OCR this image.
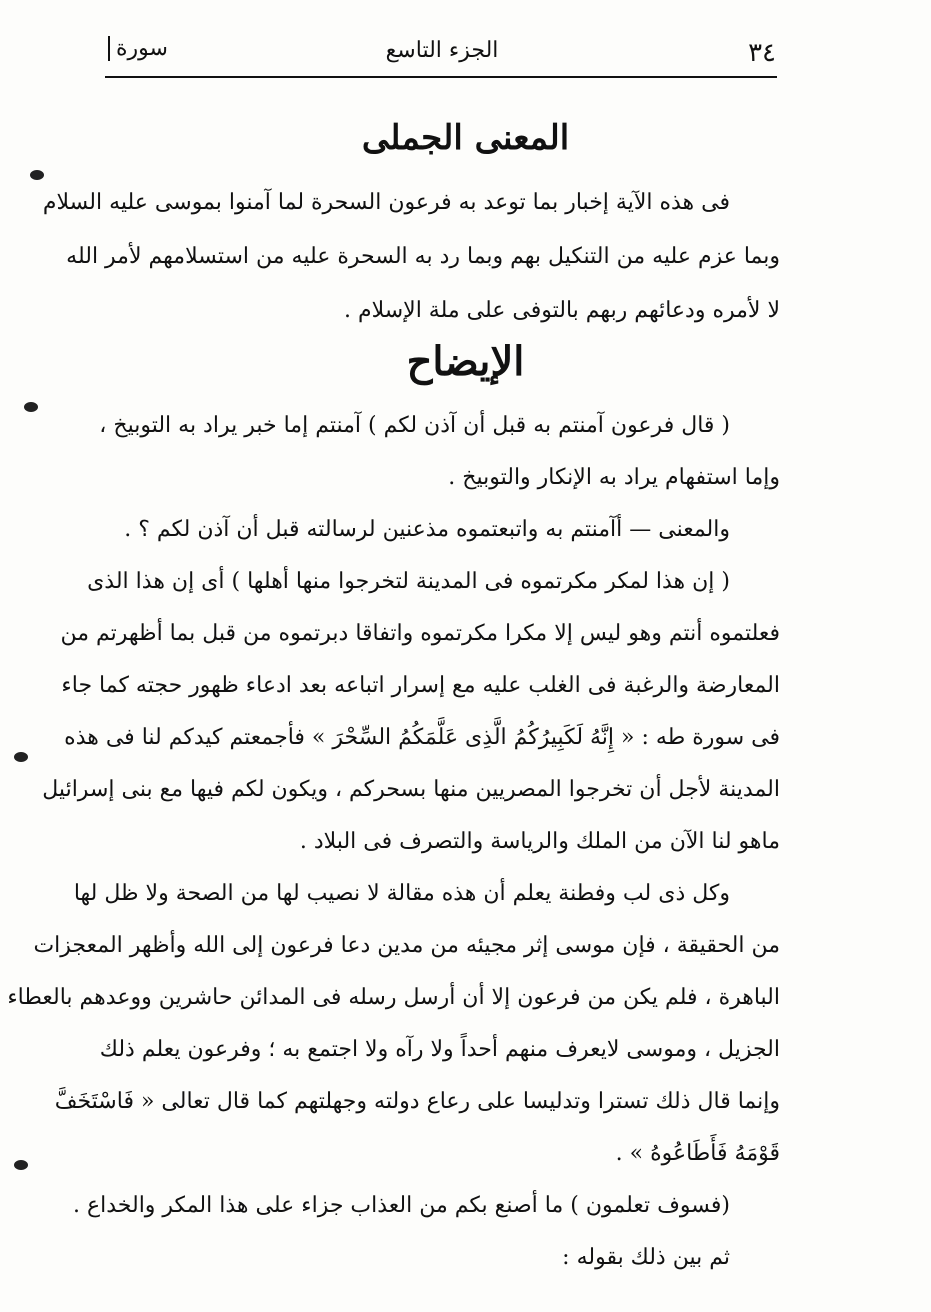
٣٤
الجزء التاسع
سورة
المعنى الجملى
فى هذه الآية إخبار بما توعد به فرعون السحرة لما آمنوا بموسى عليه السلام
وبما عزم عليه من التنكيل بهم وبما رد به السحرة عليه من استسلامهم لأمر الله
لا لأمره ودعائهم ربهم بالتوفى على ملة الإسلام .
الإيضاح
( قال فرعون آمنتم به قبل أن آذن لكم ) آمنتم إما خبر يراد به التوبيخ ،
وإما استفهام يراد به الإنكار والتوبيخ .
والمعنى — أآمنتم به واتبعتموه مذعنين لرسالته قبل أن آذن لكم ؟ .
( إن هذا لمكر مكرتموه فى المدينة لتخرجوا منها أهلها ) أى إن هذا الذى
فعلتموه أنتم وهو ليس إلا مكرا مكرتموه واتفاقا دبرتموه من قبل بما أظهرتم من
المعارضة والرغبة فى الغلب عليه مع إسرار اتباعه بعد ادعاء ظهور حجته كما جاء
فى سورة طه : « إِنَّهُ لَكَبِيرُكُمُ الَّذِى عَلَّمَكُمُ السِّحْرَ » فأجمعتم كيدكم لنا فى هذه
المدينة لأجل أن تخرجوا المصريين منها بسحركم ، ويكون لكم فيها مع بنى إسرائيل
ماهو لنا الآن من الملك والرياسة والتصرف فى البلاد .
وكل ذى لب وفطنة يعلم أن هذه مقالة لا نصيب لها من الصحة ولا ظل لها
من الحقيقة ، فإن موسى إثر مجيئه من مدين دعا فرعون إلى الله وأظهر المعجزات
الباهرة ، فلم يكن من فرعون إلا أن أرسل رسله فى المدائن حاشرين ووعدهم بالعطاء
الجزيل ، وموسى لايعرف منهم أحداً ولا رآه ولا اجتمع به ؛ وفرعون يعلم ذلك
وإنما قال ذلك تسترا وتدليسا على رعاع دولته وجهلتهم كما قال تعالى « فَاسْتَخَفَّ
قَوْمَهُ فَأَطَاعُوهُ » .
(فسوف تعلمون ) ما أصنع بكم من العذاب جزاء على هذا المكر والخداع .
ثم بين ذلك بقوله :
